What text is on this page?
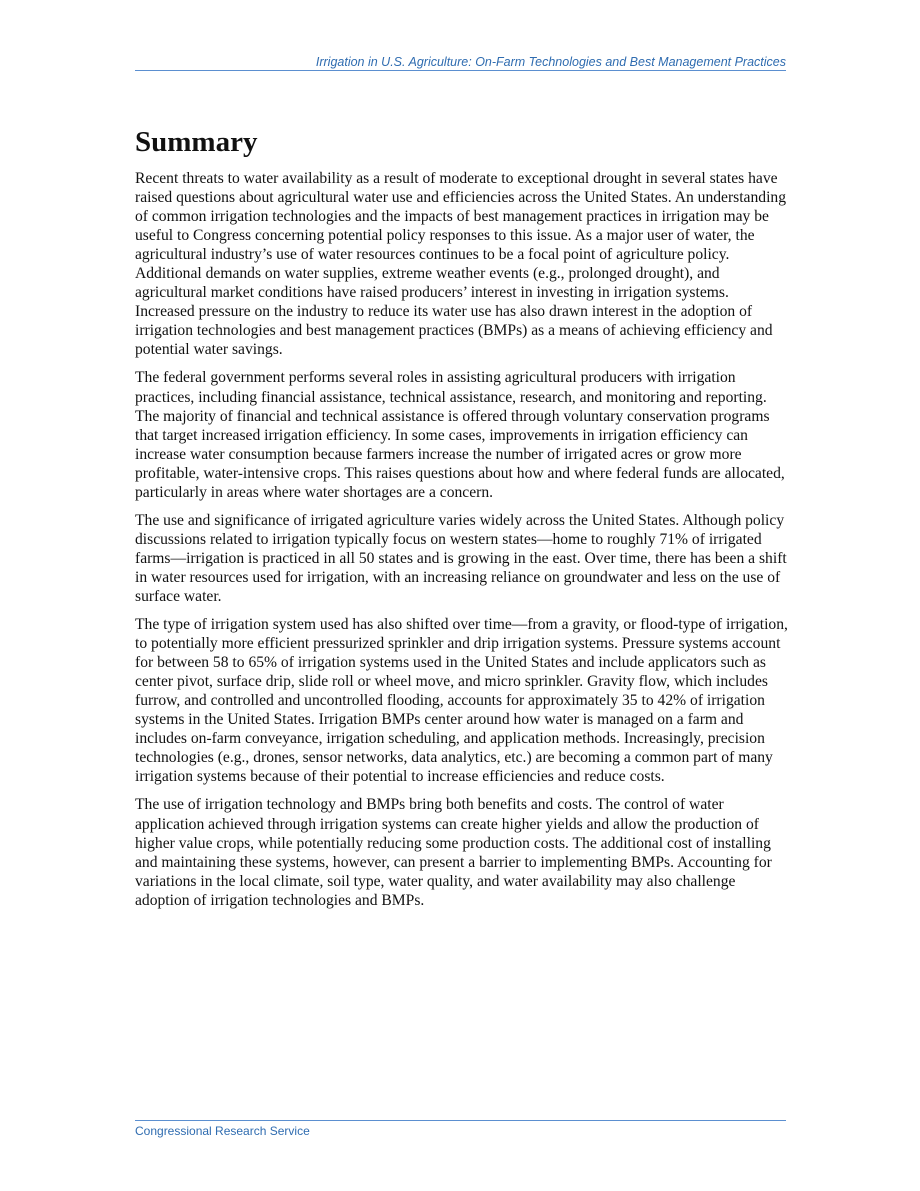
Irrigation in U.S. Agriculture: On-Farm Technologies and Best Management Practices
Summary

Recent threats to water availability as a result of moderate to exceptional drought in several states have raised questions about agricultural water use and efficiencies across the United States. An understanding of common irrigation technologies and the impacts of best management practices in irrigation may be useful to Congress concerning potential policy responses to this issue. As a major user of water, the agricultural industry’s use of water resources continues to be a focal point of agriculture policy. Additional demands on water supplies, extreme weather events (e.g., prolonged drought), and agricultural market conditions have raised producers’ interest in investing in irrigation systems. Increased pressure on the industry to reduce its water use has also drawn interest in the adoption of irrigation technologies and best management practices (BMPs) as a means of achieving efficiency and potential water savings.

The federal government performs several roles in assisting agricultural producers with irrigation practices, including financial assistance, technical assistance, research, and monitoring and reporting. The majority of financial and technical assistance is offered through voluntary conservation programs that target increased irrigation efficiency. In some cases, improvements in irrigation efficiency can increase water consumption because farmers increase the number of irrigated acres or grow more profitable, water-intensive crops. This raises questions about how and where federal funds are allocated, particularly in areas where water shortages are a concern.

The use and significance of irrigated agriculture varies widely across the United States. Although policy discussions related to irrigation typically focus on western states—home to roughly 71% of irrigated farms—irrigation is practiced in all 50 states and is growing in the east. Over time, there has been a shift in water resources used for irrigation, with an increasing reliance on groundwater and less on the use of surface water.

The type of irrigation system used has also shifted over time—from a gravity, or flood-type of irrigation, to potentially more efficient pressurized sprinkler and drip irrigation systems. Pressure systems account for between 58 to 65% of irrigation systems used in the United States and include applicators such as center pivot, surface drip, slide roll or wheel move, and micro sprinkler. Gravity flow, which includes furrow, and controlled and uncontrolled flooding, accounts for approximately 35 to 42% of irrigation systems in the United States. Irrigation BMPs center around how water is managed on a farm and includes on-farm conveyance, irrigation scheduling, and application methods. Increasingly, precision technologies (e.g., drones, sensor networks, data analytics, etc.) are becoming a common part of many irrigation systems because of their potential to increase efficiencies and reduce costs.

The use of irrigation technology and BMPs bring both benefits and costs. The control of water application achieved through irrigation systems can create higher yields and allow the production of higher value crops, while potentially reducing some production costs. The additional cost of installing and maintaining these systems, however, can present a barrier to implementing BMPs. Accounting for variations in the local climate, soil type, water quality, and water availability may also challenge adoption of irrigation technologies and BMPs.

Congressional Research Service
